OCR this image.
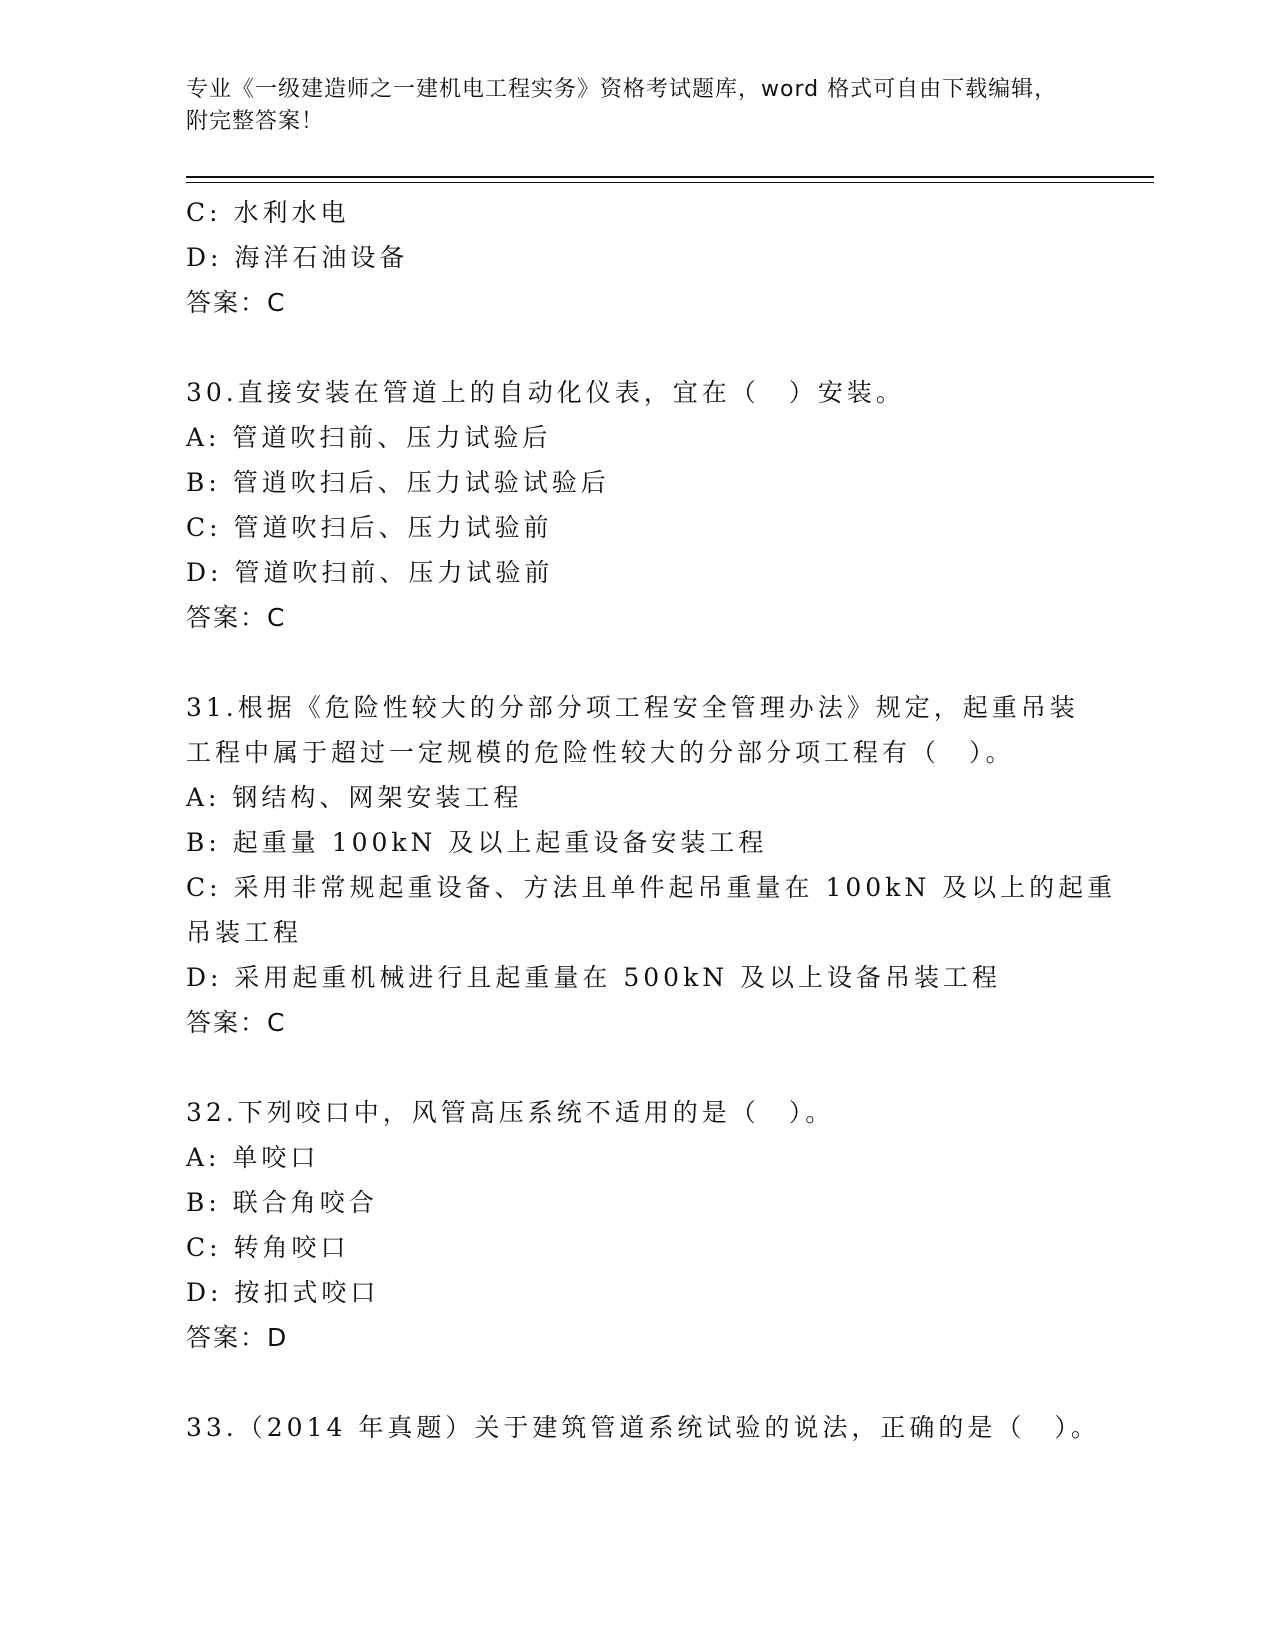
专业《一级建造师之一建机电工程实务》资格考试题库，word 格式可自由下载编辑，附完整答案！
C: 水利水电
D: 海洋石油设备
答案：C
30.直接安装在管道上的自动化仪表，宜在（　）安装。
A: 管道吹扫前、压力试验后
B: 管逍吹扫后、压力试验试验后
C: 管道吹扫后、压力试验前
D: 管道吹扫前、压力试验前
答案：C
31.根据《危险性较大的分部分项工程安全管理办法》规定，起重吊装
工程中属于超过一定规模的危险性较大的分部分项工程有（　）。
A: 钢结构、网架安装工程
B: 起重量 100kN 及以上起重设备安装工程
C: 采用非常规起重设备、方法且单件起吊重量在 100kN 及以上的起重
吊装工程
D: 采用起重机械进行且起重量在 500kN 及以上设备吊装工程
答案：C
32.下列咬口中，风管高压系统不适用的是（　）。
A: 单咬口
B: 联合角咬合
C: 转角咬口
D: 按扣式咬口
答案：D
33.（2014 年真题）关于建筑管道系统试验的说法，正确的是（　）。
